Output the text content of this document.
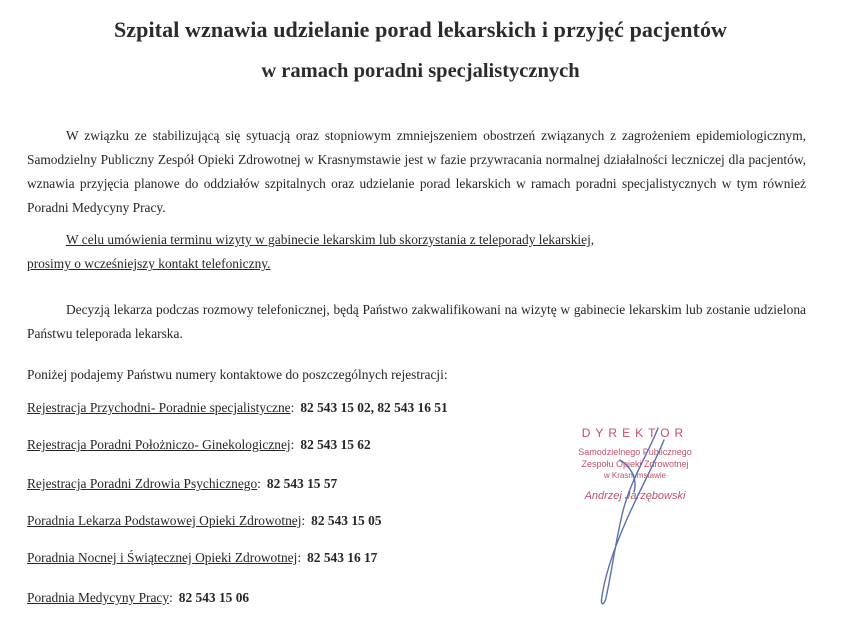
Szpital wznawia udzielanie porad lekarskich i przyjęć pacjentów
w ramach poradni specjalistycznych

W związku ze stabilizującą się sytuacją oraz stopniowym zmniejszeniem obostrzeń związanych z zagrożeniem epidemiologicznym, Samodzielny Publiczny Zespół Opieki Zdrowotnej w Krasnymstawie jest w fazie przywracania normalnej działalności leczniczej dla pacjentów, wznawia przyjęcia planowe do oddziałów szpitalnych oraz udzielanie porad lekarskich w ramach poradni specjalistycznych w tym również Poradni Medycyny Pracy.

W celu umówienia terminu wizyty w gabinecie lekarskim lub skorzystania z teleporady lekarskiej,
prosimy o wcześniejszy kontakt telefoniczny.

Decyzją lekarza podczas rozmowy telefonicznej, będą Państwo zakwalifikowani na wizytę w gabinecie lekarskim lub zostanie udzielona Państwu teleporada lekarska.

Poniżej podajemy Państwu numery kontaktowe do poszczególnych rejestracji:

Rejestracja Przychodni- Poradnie specjalistyczne: 82 543 15 02, 82 543 16 51

Rejestracja Poradni Położniczo- Ginekologicznej: 82 543 15 62

Rejestracja Poradni Zdrowia Psychicznego: 82 543 15 57

Poradnia Lekarza Podstawowej Opieki Zdrowotnej: 82 543 15 05

Poradnia Nocnej i Świątecznej Opieki Zdrowotnej: 82 543 16 17

Poradnia Medycyny Pracy: 82 543 15 06

DYREKTOR
Samodzielnego Publicznego
Zespołu Opieki Zdrowotnej
w Krasnymstawie
Andrzej Jarzębowski
